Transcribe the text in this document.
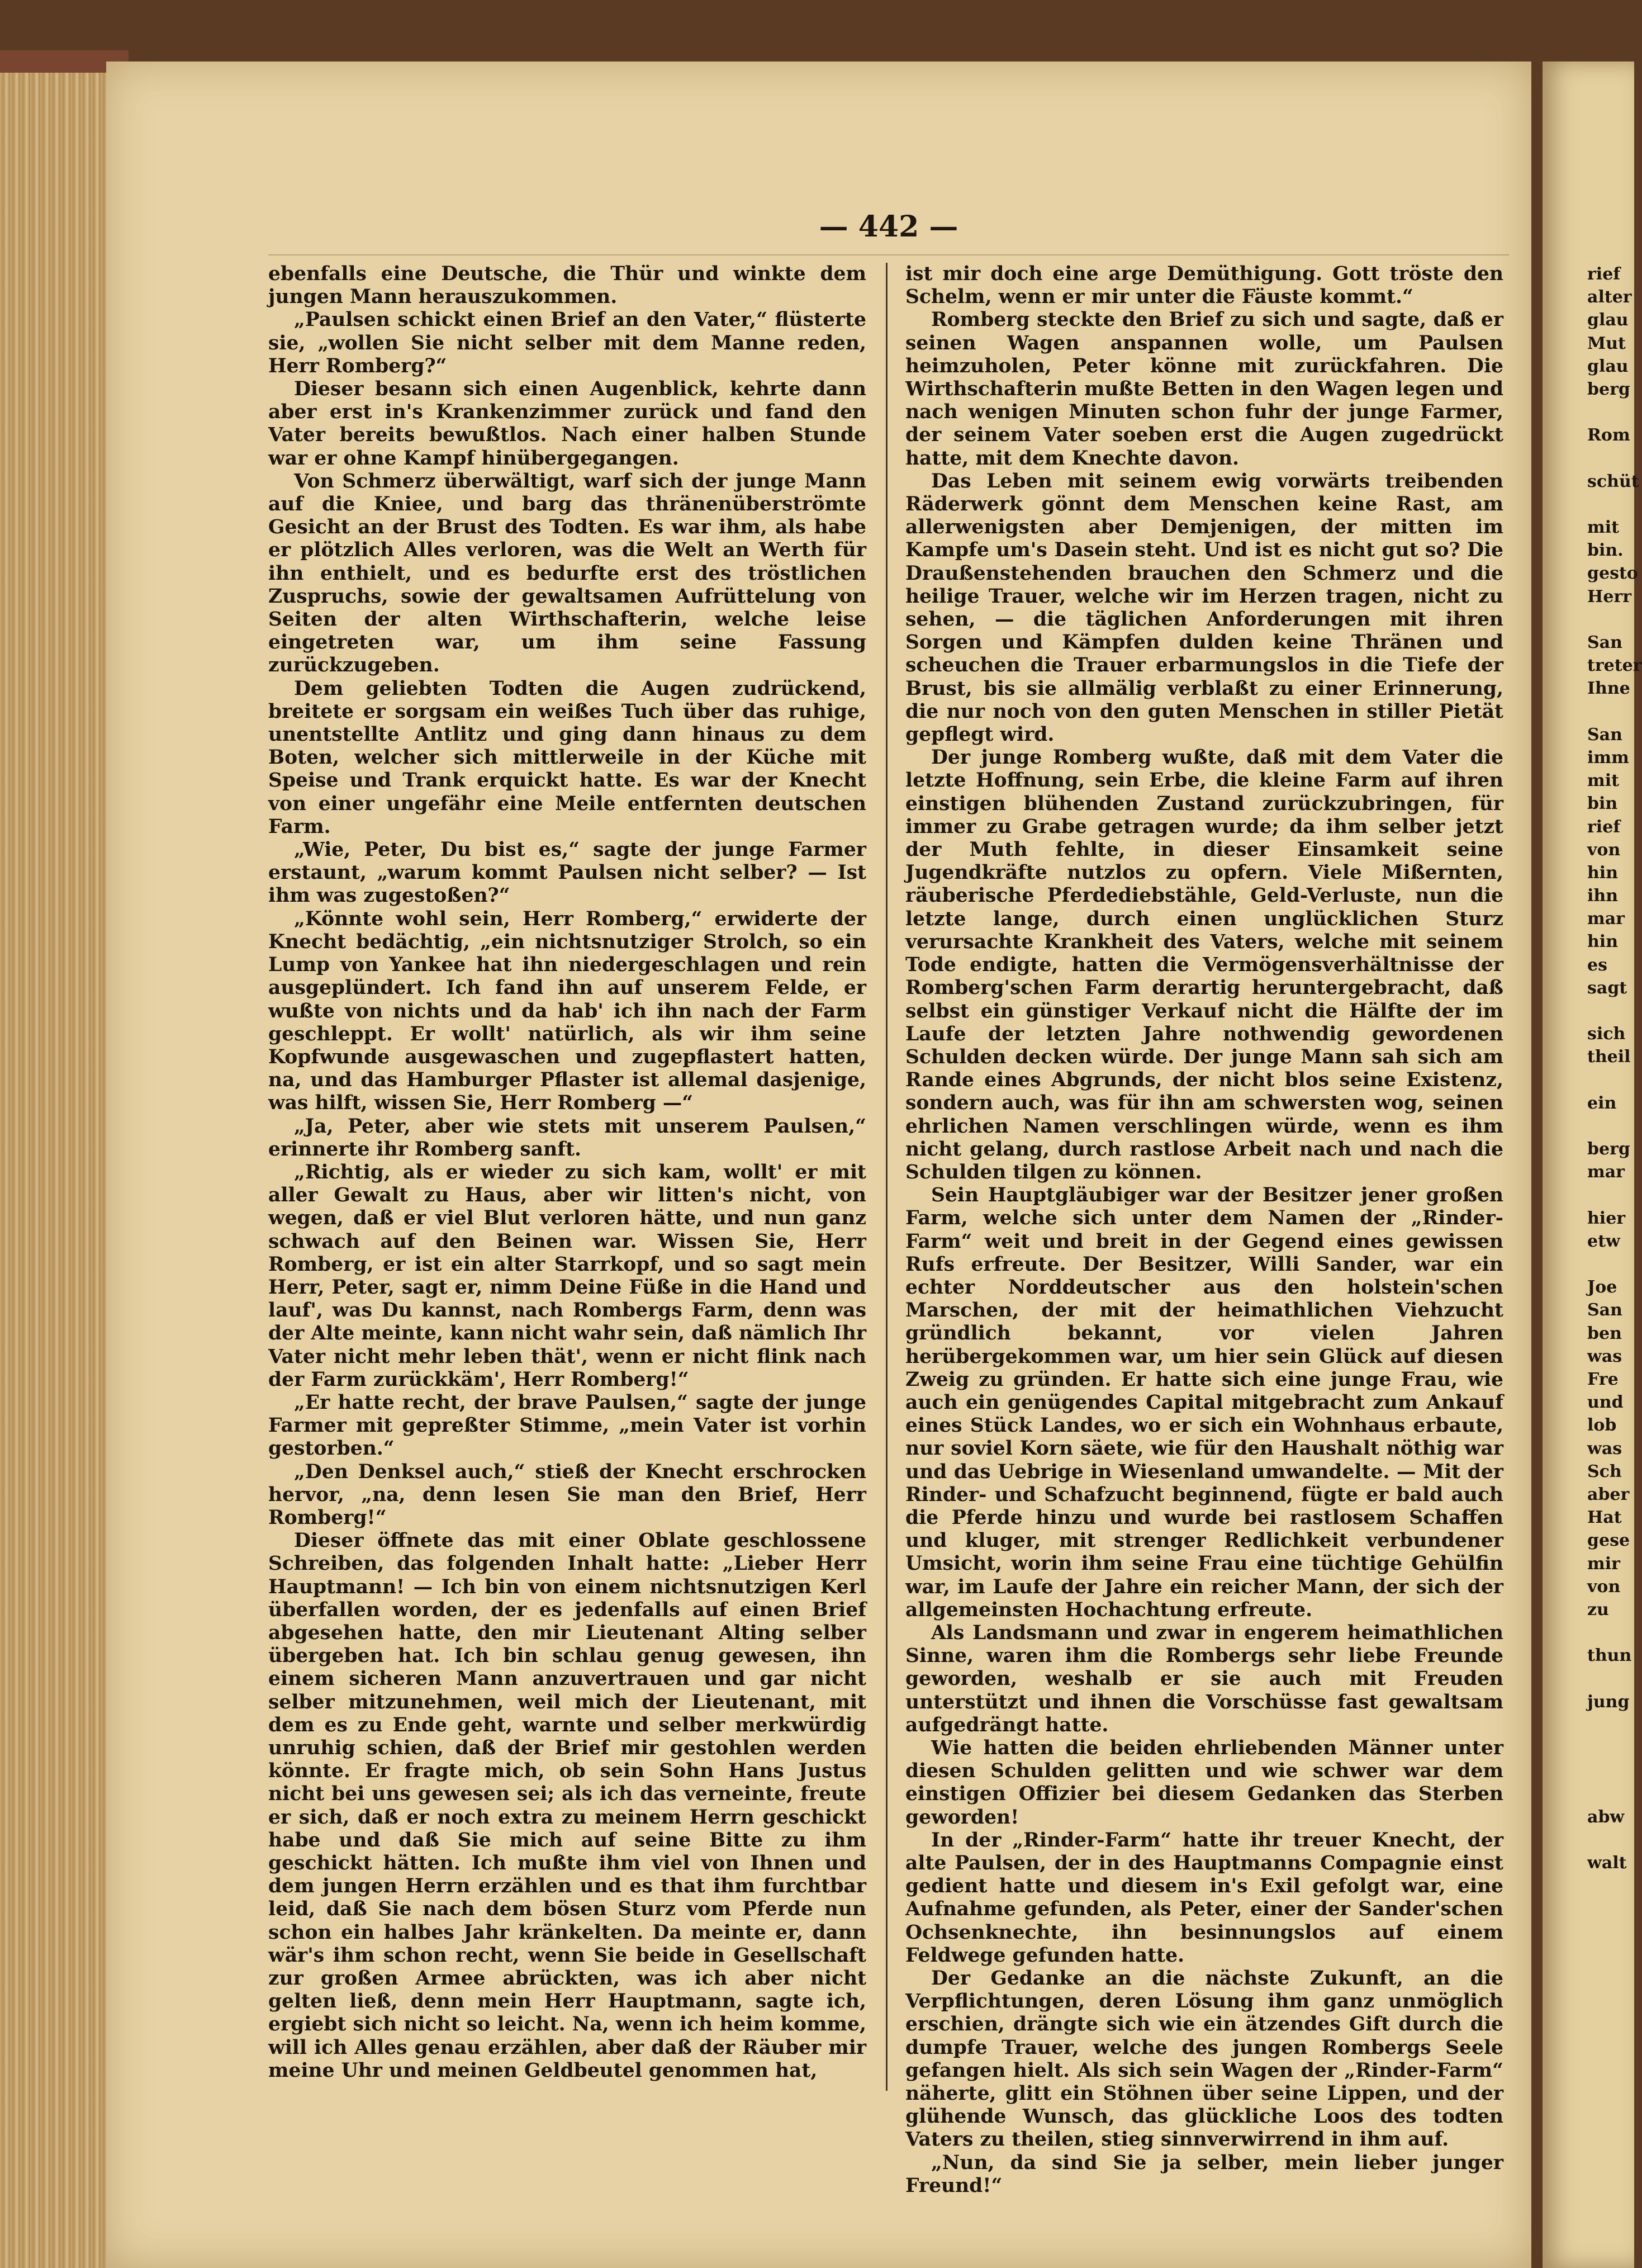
— 442 —

ebenfalls eine Deutsche, die Thür und winkte dem jungen Mann herauszukommen.

„Paulsen schickt einen Brief an den Vater,“ flüsterte sie, „wollen Sie nicht selber mit dem Manne reden, Herr Romberg?“

Dieser besann sich einen Augenblick, kehrte dann aber erst in's Krankenzimmer zurück und fand den Vater bereits bewußtlos. Nach einer halben Stunde war er ohne Kampf hinübergegangen.

Von Schmerz überwältigt, warf sich der junge Mann auf die Kniee, und barg das thränenüberströmte Gesicht an der Brust des Todten. Es war ihm, als habe er plötzlich Alles verloren, was die Welt an Werth für ihn enthielt, und es bedurfte erst des tröstlichen Zuspruchs, sowie der gewaltsamen Aufrüttelung von Seiten der alten Wirthschafterin, welche leise eingetreten war, um ihm seine Fassung zurückzugeben.

Dem geliebten Todten die Augen zudrückend, breitete er sorgsam ein weißes Tuch über das ruhige, unentstellte Antlitz und ging dann hinaus zu dem Boten, welcher sich mittlerweile in der Küche mit Speise und Trank erquickt hatte. Es war der Knecht von einer ungefähr eine Meile entfernten deutschen Farm.

„Wie, Peter, Du bist es,“ sagte der junge Farmer erstaunt, „warum kommt Paulsen nicht selber? — Ist ihm was zugestoßen?“

„Könnte wohl sein, Herr Romberg,“ erwiderte der Knecht bedächtig, „ein nichtsnutziger Strolch, so ein Lump von Yankee hat ihn niedergeschlagen und rein ausgeplündert. Ich fand ihn auf unserem Felde, er wußte von nichts und da hab' ich ihn nach der Farm geschleppt. Er wollt' natürlich, als wir ihm seine Kopfwunde ausgewaschen und zugepflastert hatten, na, und das Hamburger Pflaster ist allemal dasjenige, was hilft, wissen Sie, Herr Romberg —“

„Ja, Peter, aber wie stets mit unserem Paulsen,“ erinnerte ihr Romberg sanft.

„Richtig, als er wieder zu sich kam, wollt' er mit aller Gewalt zu Haus, aber wir litten's nicht, von wegen, daß er viel Blut verloren hätte, und nun ganz schwach auf den Beinen war. Wissen Sie, Herr Romberg, er ist ein alter Starrkopf, und so sagt mein Herr, Peter, sagt er, nimm Deine Füße in die Hand und lauf', was Du kannst, nach Rombergs Farm, denn was der Alte meinte, kann nicht wahr sein, daß nämlich Ihr Vater nicht mehr leben thät', wenn er nicht flink nach der Farm zurückkäm', Herr Romberg!“

„Er hatte recht, der brave Paulsen,“ sagte der junge Farmer mit gepreßter Stimme, „mein Vater ist vorhin gestorben.“

„Den Denksel auch,“ stieß der Knecht erschrocken hervor, „na, denn lesen Sie man den Brief, Herr Romberg!“

Dieser öffnete das mit einer Oblate geschlossene Schreiben, das folgenden Inhalt hatte: „Lieber Herr Hauptmann! — Ich bin von einem nichtsnutzigen Kerl überfallen worden, der es jedenfalls auf einen Brief abgesehen hatte, den mir Lieutenant Alting selber übergeben hat. Ich bin schlau genug gewesen, ihn einem sicheren Mann anzuvertrauen und gar nicht selber mitzunehmen, weil mich der Lieutenant, mit dem es zu Ende geht, warnte und selber merkwürdig unruhig schien, daß der Brief mir gestohlen werden könnte. Er fragte mich, ob sein Sohn Hans Justus nicht bei uns gewesen sei; als ich das verneinte, freute er sich, daß er noch extra zu meinem Herrn geschickt habe und daß Sie mich auf seine Bitte zu ihm geschickt hätten. Ich mußte ihm viel von Ihnen und dem jungen Herrn erzählen und es that ihm furchtbar leid, daß Sie nach dem bösen Sturz vom Pferde nun schon ein halbes Jahr kränkelten. Da meinte er, dann wär's ihm schon recht, wenn Sie beide in Gesellschaft zur großen Armee abrückten, was ich aber nicht gelten ließ, denn mein Herr Hauptmann, sagte ich, ergiebt sich nicht so leicht. Na, wenn ich heim komme, will ich Alles genau erzählen, aber daß der Räuber mir meine Uhr und meinen Geldbeutel genommen hat,

ist mir doch eine arge Demüthigung. Gott tröste den Schelm, wenn er mir unter die Fäuste kommt.“

Romberg steckte den Brief zu sich und sagte, daß er seinen Wagen anspannen wolle, um Paulsen heimzuholen, Peter könne mit zurückfahren. Die Wirthschafterin mußte Betten in den Wagen legen und nach wenigen Minuten schon fuhr der junge Farmer, der seinem Vater soeben erst die Augen zugedrückt hatte, mit dem Knechte davon.

Das Leben mit seinem ewig vorwärts treibenden Räderwerk gönnt dem Menschen keine Rast, am allerwenigsten aber Demjenigen, der mitten im Kampfe um's Dasein steht. Und ist es nicht gut so? Die Draußenstehenden brauchen den Schmerz und die heilige Trauer, welche wir im Herzen tragen, nicht zu sehen, — die täglichen Anforderungen mit ihren Sorgen und Kämpfen dulden keine Thränen und scheuchen die Trauer erbarmungslos in die Tiefe der Brust, bis sie allmälig verblaßt zu einer Erinnerung, die nur noch von den guten Menschen in stiller Pietät gepflegt wird.

Der junge Romberg wußte, daß mit dem Vater die letzte Hoffnung, sein Erbe, die kleine Farm auf ihren einstigen blühenden Zustand zurückzubringen, für immer zu Grabe getragen wurde; da ihm selber jetzt der Muth fehlte, in dieser Einsamkeit seine Jugendkräfte nutzlos zu opfern. Viele Mißernten, räuberische Pferdediebstähle, Geld-Verluste, nun die letzte lange, durch einen unglücklichen Sturz verursachte Krankheit des Vaters, welche mit seinem Tode endigte, hatten die Vermögensverhältnisse der Romberg'schen Farm derartig heruntergebracht, daß selbst ein günstiger Verkauf nicht die Hälfte der im Laufe der letzten Jahre nothwendig gewordenen Schulden decken würde. Der junge Mann sah sich am Rande eines Abgrunds, der nicht blos seine Existenz, sondern auch, was für ihn am schwersten wog, seinen ehrlichen Namen verschlingen würde, wenn es ihm nicht gelang, durch rastlose Arbeit nach und nach die Schulden tilgen zu können.

Sein Hauptgläubiger war der Besitzer jener großen Farm, welche sich unter dem Namen der „Rinder-Farm“ weit und breit in der Gegend eines gewissen Rufs erfreute. Der Besitzer, Willi Sander, war ein echter Norddeutscher aus den holstein'schen Marschen, der mit der heimathlichen Viehzucht gründlich bekannt, vor vielen Jahren herübergekommen war, um hier sein Glück auf diesen Zweig zu gründen. Er hatte sich eine junge Frau, wie auch ein genügendes Capital mitgebracht zum Ankauf eines Stück Landes, wo er sich ein Wohnhaus erbaute, nur soviel Korn säete, wie für den Haushalt nöthig war und das Uebrige in Wiesenland umwandelte. — Mit der Rinder- und Schafzucht beginnend, fügte er bald auch die Pferde hinzu und wurde bei rastlosem Schaffen und kluger, mit strenger Redlichkeit verbundener Umsicht, worin ihm seine Frau eine tüchtige Gehülfin war, im Laufe der Jahre ein reicher Mann, der sich der allgemeinsten Hochachtung erfreute.

Als Landsmann und zwar in engerem heimathlichen Sinne, waren ihm die Rombergs sehr liebe Freunde geworden, weshalb er sie auch mit Freuden unterstützt und ihnen die Vorschüsse fast gewaltsam aufgedrängt hatte.

Wie hatten die beiden ehrliebenden Männer unter diesen Schulden gelitten und wie schwer war dem einstigen Offizier bei diesem Gedanken das Sterben geworden!

In der „Rinder-Farm“ hatte ihr treuer Knecht, der alte Paulsen, der in des Hauptmanns Compagnie einst gedient hatte und diesem in's Exil gefolgt war, eine Aufnahme gefunden, als Peter, einer der Sander'schen Ochsenknechte, ihn besinnungslos auf einem Feldwege gefunden hatte.

Der Gedanke an die nächste Zukunft, an die Verpflichtungen, deren Lösung ihm ganz unmöglich erschien, drängte sich wie ein ätzendes Gift durch die dumpfe Trauer, welche des jungen Rombergs Seele gefangen hielt. Als sich sein Wagen der „Rinder-Farm“ näherte, glitt ein Stöhnen über seine Lippen, und der glühende Wunsch, das glückliche Loos des todten Vaters zu theilen, stieg sinnverwirrend in ihm auf.

„Nun, da sind Sie ja selber, mein lieber junger Freund!“

rief
alter
glau
Mut
glau
berg
Rom
schüt
mit
bin.
gesto
Herr
San
treter
Ihne
San
imm
mit
bin
rief
von
hin
ihn
mar
hin
es
sagt
sich
theil
ein
berg
mar
hier
etw
Joe
San
ben
was
Fre
und
lob
was
Sch
aber
Hat
gese
mir
von
zu
thun
jung
abw
walt
